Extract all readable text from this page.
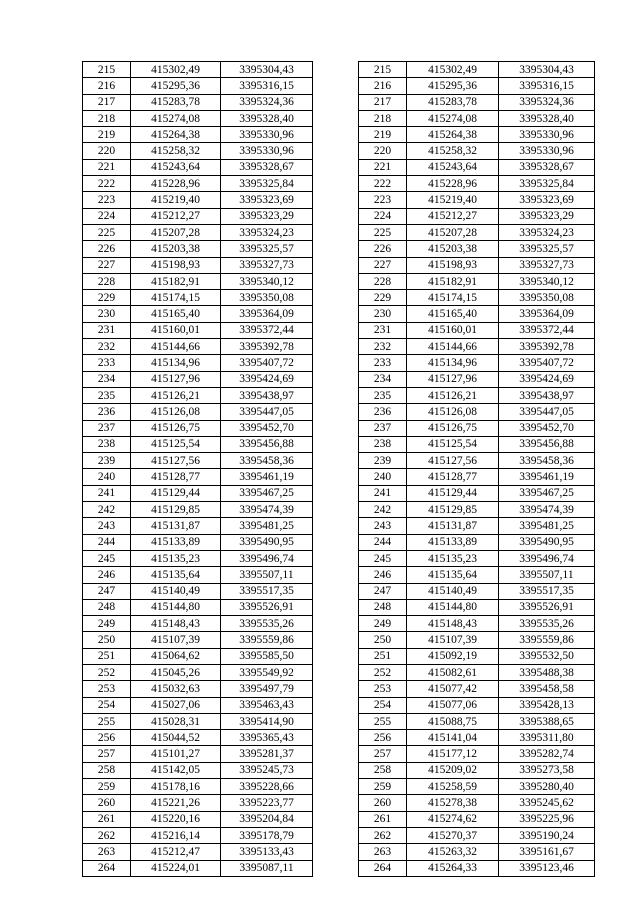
215	415302,49	3395304,43		215	415302,49	3395304,43
216	415295,36	3395316,15		216	415295,36	3395316,15
217	415283,78	3395324,36		217	415283,78	3395324,36
218	415274,08	3395328,40		218	415274,08	3395328,40
219	415264,38	3395330,96		219	415264,38	3395330,96
220	415258,32	3395330,96		220	415258,32	3395330,96
221	415243,64	3395328,67		221	415243,64	3395328,67
222	415228,96	3395325,84		222	415228,96	3395325,84
223	415219,40	3395323,69		223	415219,40	3395323,69
224	415212,27	3395323,29		224	415212,27	3395323,29
225	415207,28	3395324,23		225	415207,28	3395324,23
226	415203,38	3395325,57		226	415203,38	3395325,57
227	415198,93	3395327,73		227	415198,93	3395327,73
228	415182,91	3395340,12		228	415182,91	3395340,12
229	415174,15	3395350,08		229	415174,15	3395350,08
230	415165,40	3395364,09		230	415165,40	3395364,09
231	415160,01	3395372,44		231	415160,01	3395372,44
232	415144,66	3395392,78		232	415144,66	3395392,78
233	415134,96	3395407,72		233	415134,96	3395407,72
234	415127,96	3395424,69		234	415127,96	3395424,69
235	415126,21	3395438,97		235	415126,21	3395438,97
236	415126,08	3395447,05		236	415126,08	3395447,05
237	415126,75	3395452,70		237	415126,75	3395452,70
238	415125,54	3395456,88		238	415125,54	3395456,88
239	415127,56	3395458,36		239	415127,56	3395458,36
240	415128,77	3395461,19		240	415128,77	3395461,19
241	415129,44	3395467,25		241	415129,44	3395467,25
242	415129,85	3395474,39		242	415129,85	3395474,39
243	415131,87	3395481,25		243	415131,87	3395481,25
244	415133,89	3395490,95		244	415133,89	3395490,95
245	415135,23	3395496,74		245	415135,23	3395496,74
246	415135,64	3395507,11		246	415135,64	3395507,11
247	415140,49	3395517,35		247	415140,49	3395517,35
248	415144,80	3395526,91		248	415144,80	3395526,91
249	415148,43	3395535,26		249	415148,43	3395535,26
250	415107,39	3395559,86		250	415107,39	3395559,86
251	415064,62	3395585,50		251	415092,19	3395532,50
252	415045,26	3395549,92		252	415082,61	3395488,38
253	415032,63	3395497,79		253	415077,42	3395458,58
254	415027,06	3395463,43		254	415077,06	3395428,13
255	415028,31	3395414,90		255	415088,75	3395388,65
256	415044,52	3395365,43		256	415141,04	3395311,80
257	415101,27	3395281,37		257	415177,12	3395282,74
258	415142,05	3395245,73		258	415209,02	3395273,58
259	415178,16	3395228,66		259	415258,59	3395280,40
260	415221,26	3395223,77		260	415278,38	3395245,62
261	415220,16	3395204,84		261	415274,62	3395225,96
262	415216,14	3395178,79		262	415270,37	3395190,24
263	415212,47	3395133,43		263	415263,32	3395161,67
264	415224,01	3395087,11		264	415264,33	3395123,46
